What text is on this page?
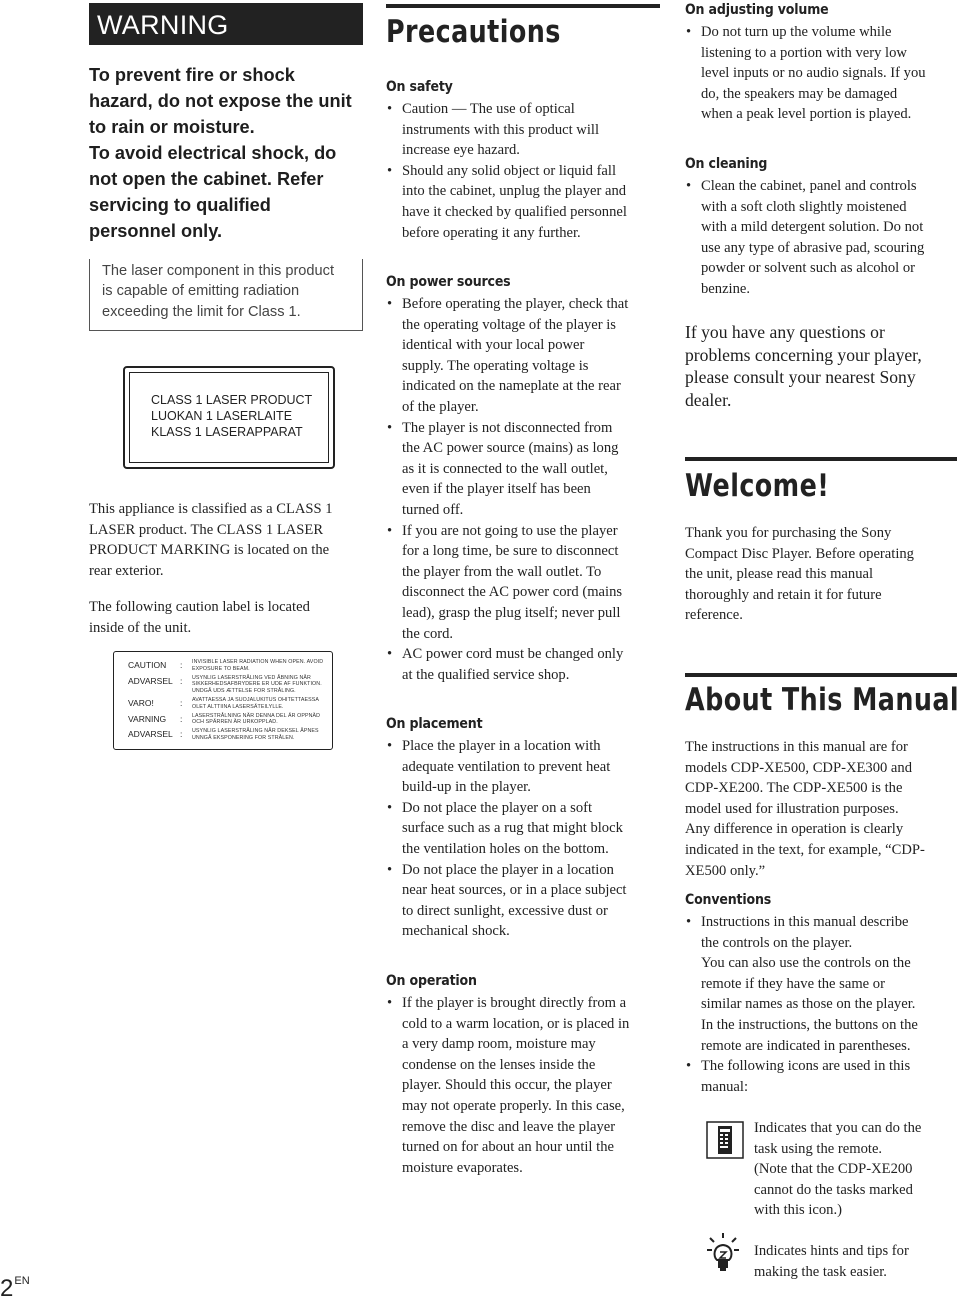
WARNING
To prevent fire or shock
hazard, do not expose the unit
to rain or moisture.
To avoid electrical shock, do
not open the cabinet. Refer
servicing to qualified
personnel only.

The laser component in this product

is capable of emitting radiation

exceeding the limit for Class 1.

CLASS 1 LASER PRODUCT
LUOKAN 1 LASERLAITE
KLASS 1 LASERAPPARAT
This appliance is classified as a CLASS 1
LASER product. The CLASS 1 LASER
PRODUCT MARKING is located on the
rear exterior.
The following caution label is located
inside of the unit.
CAUTION	:	INVISIBLE LASER RADIATION WHEN OPEN. AVOID EXPOSURE TO BEAM.
ADVARSEL :	USYNLIG LASERSTRÅLING VED ÅBNING NÅR SIKKERHEDSAFBRYDERE ER UDE AF FUNKTION. UNDGÅ UDS ÆTTELSE FOR STRÅLING.
VARO!	:	AVATTAESSA JA SUOJALUKITUS OHITETTAESSA OLET ALTTIINA LASERSÄTEILYLLE.
VARNING	:	LASERSTRÅLNING NÄR DENNA DEL ÄR OPPNÄD OCH SPÄRREN ÄR URKOPPLAD.
ADVARSEL :	USYNLIG LASERSTRÅLING NÅR DEKSEL ÅPNES UNNGÅ EKSPONERING FOR STRÅLEN.
$2^{EN}$
Precautions
On safety
• Caution — The use of optical
instruments with this product will
increase eye hazard.
• Should any solid object or liquid fall
into the cabinet, unplug the player and
have it checked by qualified personnel
before operating it any further.
On power sources
• Before operating the player, check that
the operating voltage of the player is
identical with your local power
supply. The operating voltage is
indicated on the nameplate at the rear
of the player.
• The player is not disconnected from
the AC power source (mains) as long
as it is connected to the wall outlet,
even if the player itself has been
turned off.
• If you are not going to use the player
for a long time, be sure to disconnect
the player from the wall outlet. To
disconnect the AC power cord (mains
lead), grasp the plug itself; never pull
the cord.
• AC power cord must be changed only
at the qualified service shop.
On placement
• Place the player in a location with
adequate ventilation to prevent heat
build-up in the player.
• Do not place the player on a soft
surface such as a rug that might block
the ventilation holes on the bottom.
• Do not place the player in a location
near heat sources, or in a place subject
to direct sunlight, excessive dust or
mechanical shock.
On operation
• If the player is brought directly from a
cold to a warm location, or is placed in
a very damp room, moisture may
condense on the lenses inside the
player. Should this occur, the player
may not operate properly. In this case,
remove the disc and leave the player
turned on for about an hour until the
moisture evaporates.
On adjusting volume
• Do not turn up the volume while
listening to a portion with very low
level inputs or no audio signals. If you
do, the speakers may be damaged
when a peak level portion is played.
On cleaning
• Clean the cabinet, panel and controls
with a soft cloth slightly moistened
with a mild detergent solution. Do not
use any type of abrasive pad, scouring
powder or solvent such as alcohol or
benzine.
If you have any questions or
problems concerning your player,
please consult your nearest Sony
dealer.
Welcome!
Thank you for purchasing the Sony
Compact Disc Player. Before operating
the unit, please read this manual
thoroughly and retain it for future
reference.
About This Manual
The instructions in this manual are for
models CDP-XE500, CDP-XE300 and
CDP-XE200. The CDP-XE500 is the
model used for illustration purposes.
Any difference in operation is clearly
indicated in the text, for example, “CDP-
XE500 only.”
Conventions
• Instructions in this manual describe
the controls on the player.
You can also use the controls on the
remote if they have the same or
similar names as those on the player.
In the instructions, the buttons on the
remote are indicated in parentheses.
• The following icons are used in this
manual:
Indicates that you can do the
task using the remote.
(Note that the CDP-XE200
cannot do the tasks marked
with this icon.)
Indicates hints and tips for
making the task easier.
